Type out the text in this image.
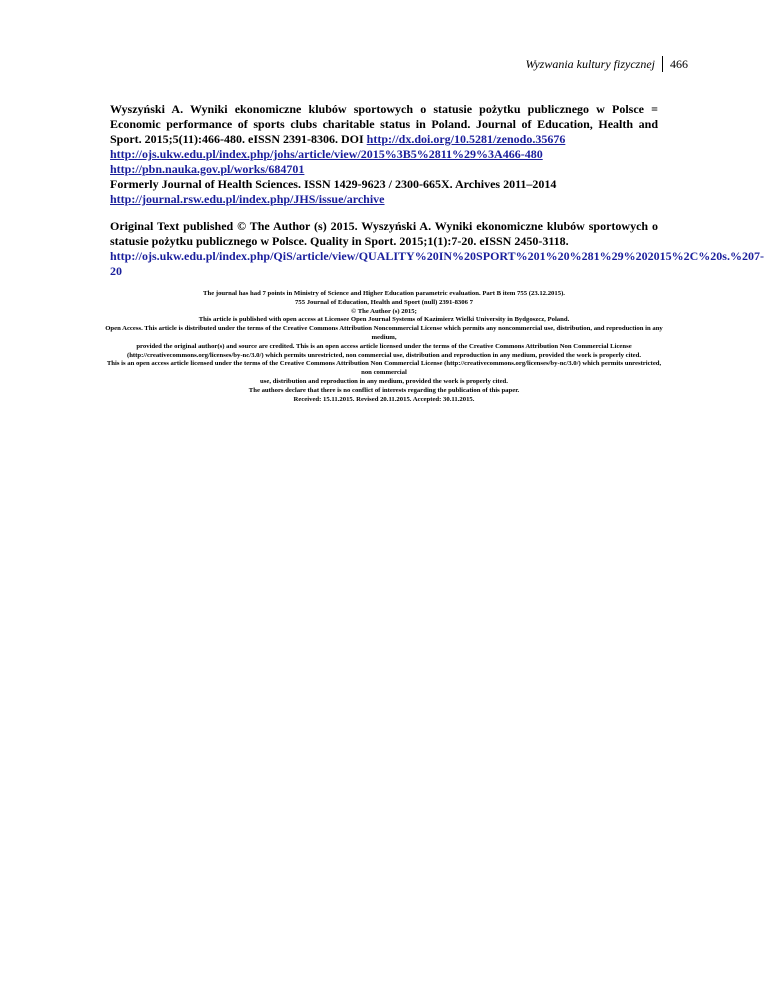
Wyzwania kultury fizycznej	466

Wyszyński A. Wyniki ekonomiczne klubów sportowych o statusie pożytku publicznego w Polsce = Economic performance of sports clubs charitable status in Poland. Journal of Education, Health and Sport. 2015;5(11):466-480. eISSN 2391-8306. DOI http://dx.doi.org/10.5281/zenodo.35676
http://ojs.ukw.edu.pl/index.php/johs/article/view/2015%3B5%2811%29%3A466-480
http://pbn.nauka.gov.pl/works/684701
Formerly Journal of Health Sciences. ISSN 1429-9623 / 2300-665X. Archives 2011–2014
http://journal.rsw.edu.pl/index.php/JHS/issue/archive

Original Text published © The Author (s) 2015. Wyszyński A. Wyniki ekonomiczne klubów sportowych o statusie pożytku publicznego w Polsce. Quality in Sport. 2015;1(1):7-20. eISSN 2450-3118.
http://ojs.ukw.edu.pl/index.php/QiS/article/view/QUALITY%20IN%20SPORT%201%20%281%29%202015%2C%20s.%207-20

The journal has had 7 points in Ministry of Science and Higher Education parametric evaluation. Part B item 755 (23.12.2015).
755 Journal of Education, Health and Sport (null) 2391-8306 7
© The Author (s) 2015;
This article is published with open access at Licensee Open Journal Systems of Kazimierz Wielki University in Bydgoszcz, Poland.
Open Access. This article is distributed under the terms of the Creative Commons Attribution Noncommercial License which permits any noncommercial use, distribution, and reproduction in any medium,
provided the original author(s) and source are credited. This is an open access article licensed under the terms of the Creative Commons Attribution Non Commercial License
(http://creativecommons.org/licenses/by-nc/3.0/) which permits unrestricted, non commercial use, distribution and reproduction in any medium, provided the work is properly cited.
This is an open access article licensed under the terms of the Creative Commons Attribution Non Commercial License (http://creativecommons.org/licenses/by-nc/3.0/) which permits unrestricted, non commercial
use, distribution and reproduction in any medium, provided the work is properly cited.
The authors declare that there is no conflict of interests regarding the publication of this paper.
Received: 15.11.2015. Revised 20.11.2015. Accepted: 30.11.2015.
